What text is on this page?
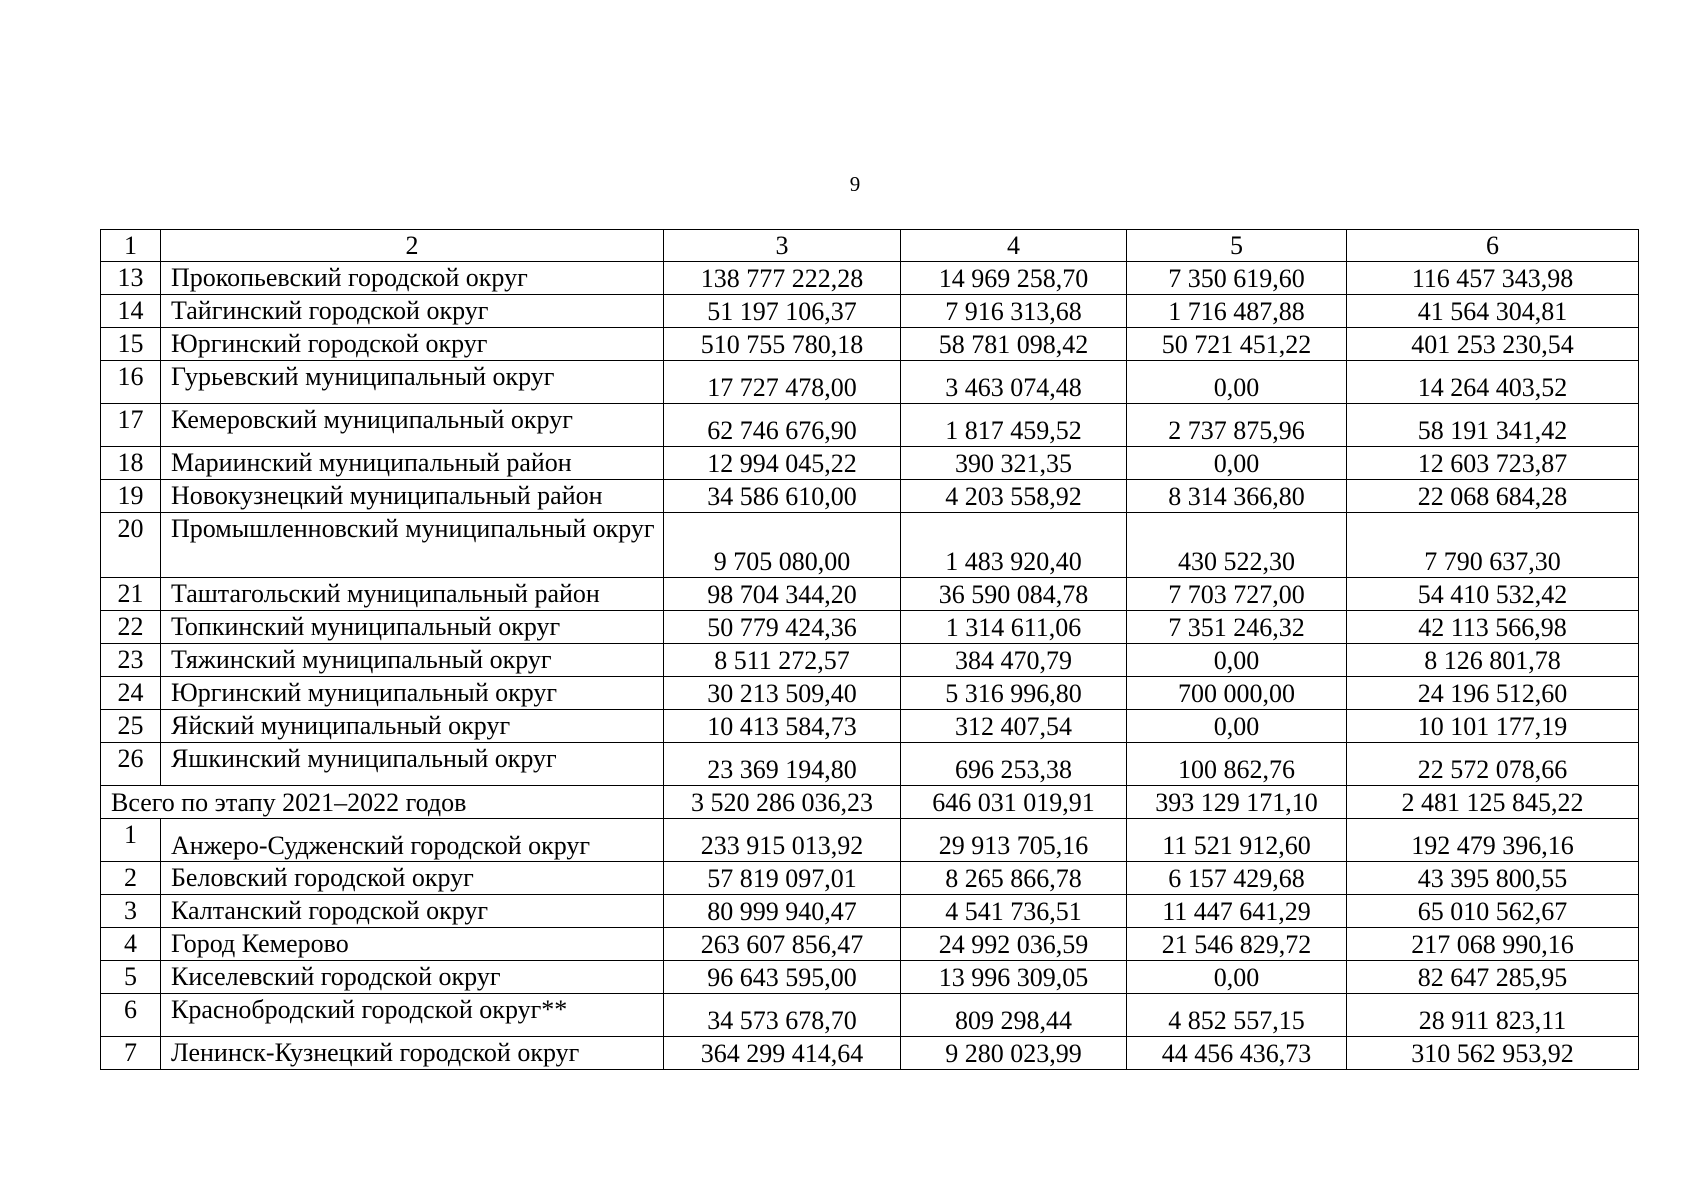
9
1	2	3	4	5	6
13	Прокопьевский городской округ	138 777 222,28	14 969 258,70	7 350 619,60	116 457 343,98
14	Тайгинский городской округ	51 197 106,37	7 916 313,68	1 716 487,88	41 564 304,81
15	Юргинский городской округ	510 755 780,18	58 781 098,42	50 721 451,22	401 253 230,54
16	Гурьевский муниципальный округ	17 727 478,00	3 463 074,48	0,00	14 264 403,52
17	Кемеровский муниципальный округ	62 746 676,90	1 817 459,52	2 737 875,96	58 191 341,42
18	Мариинский муниципальный район	12 994 045,22	390 321,35	0,00	12 603 723,87
19	Новокузнецкий муниципальный район	34 586 610,00	4 203 558,92	8 314 366,80	22 068 684,28
20	Промышленновский муниципальный округ	9 705 080,00	1 483 920,40	430 522,30	7 790 637,30
21	Таштагольский муниципальный район	98 704 344,20	36 590 084,78	7 703 727,00	54 410 532,42
22	Топкинский муниципальный округ	50 779 424,36	1 314 611,06	7 351 246,32	42 113 566,98
23	Тяжинский муниципальный округ	8 511 272,57	384 470,79	0,00	8 126 801,78
24	Юргинский муниципальный округ	30 213 509,40	5 316 996,80	700 000,00	24 196 512,60
25	Яйский муниципальный округ	10 413 584,73	312 407,54	0,00	10 101 177,19
26	Яшкинский муниципальный округ	23 369 194,80	696 253,38	100 862,76	22 572 078,66
Всего по этапу 2021–2022 годов		3 520 286 036,23	646 031 019,91	393 129 171,10	2 481 125 845,22
1	Анжеро-Судженский городской округ	233 915 013,92	29 913 705,16	11 521 912,60	192 479 396,16
2	Беловский городской округ	57 819 097,01	8 265 866,78	6 157 429,68	43 395 800,55
3	Калтанский городской округ	80 999 940,47	4 541 736,51	11 447 641,29	65 010 562,67
4	Город Кемерово	263 607 856,47	24 992 036,59	21 546 829,72	217 068 990,16
5	Киселевский городской округ	96 643 595,00	13 996 309,05	0,00	82 647 285,95
6	Краснобродский городской округ**	34 573 678,70	809 298,44	4 852 557,15	28 911 823,11
7	Ленинск-Кузнецкий городской округ	364 299 414,64	9 280 023,99	44 456 436,73	310 562 953,92
